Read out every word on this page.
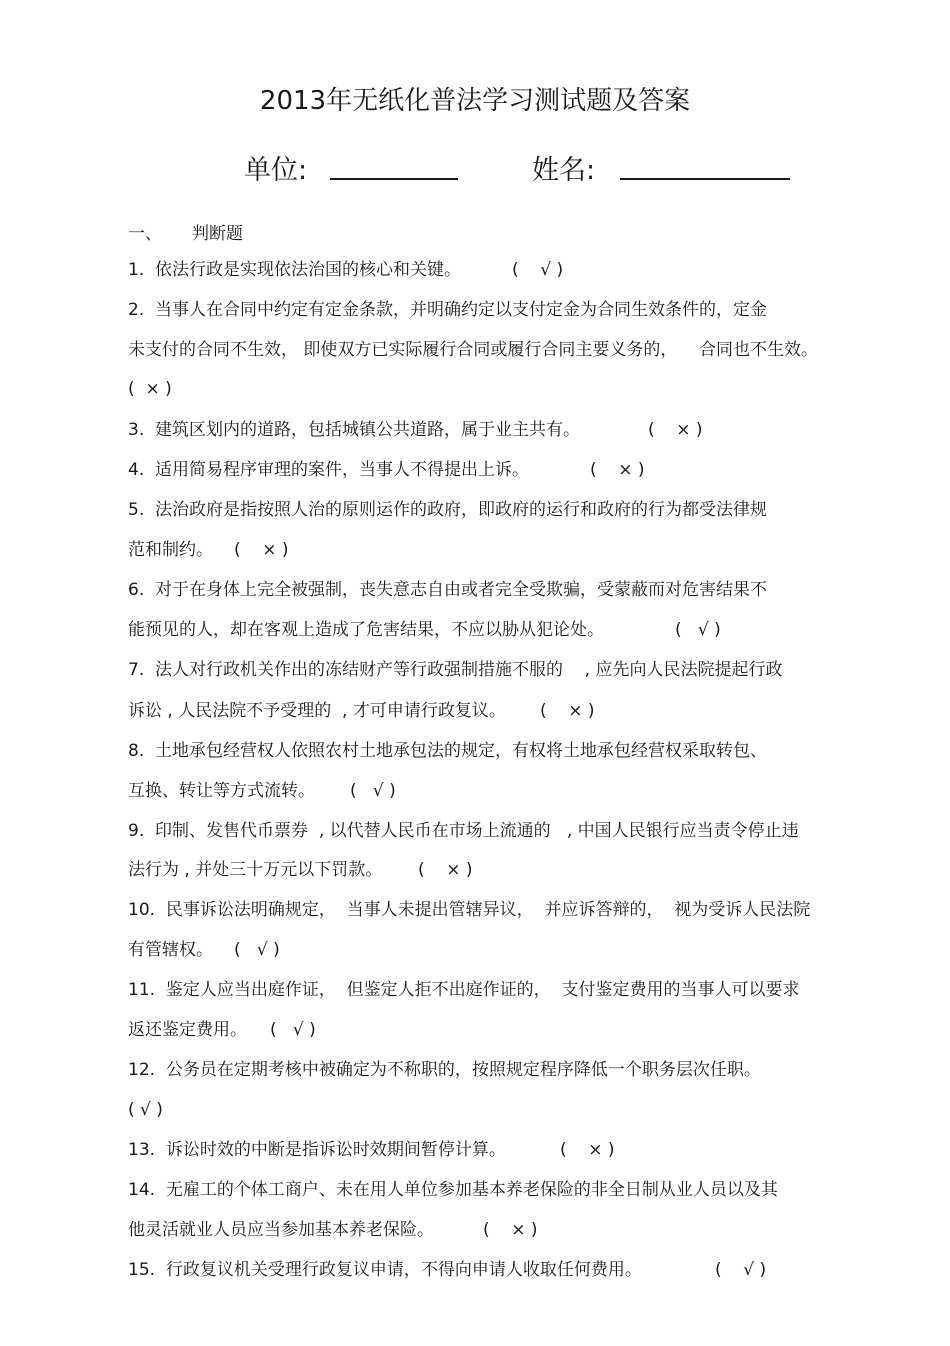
2013年无纸化普法学习测试题及答案
单位:	姓名:
一、 判断题
1.  依法行政是实现依法治国的核心和关键。	(    √ )
2.  当事人在合同中约定有定金条款，并明确约定以支付定金为合同生效条件的，定金
未支付的合同不生效， 即使双方已实际履行合同或履行合同主要义务的，    合同也不生效。
(  × )
3.  建筑区划内的道路，包括城镇公共道路，属于业主共有。	(    × )
4.  适用简易程序审理的案件，当事人不得提出上诉。	(    × )
5.  法治政府是指按照人治的原则运作的政府，即政府的运行和政府的行为都受法律规
范和制约。 (    × )
6.  对于在身体上完全被强制，丧失意志自由或者完全受欺骗，受蒙蔽而对危害结果不
能预见的人，却在客观上造成了危害结果，不应以胁从犯论处。	(   √ )
7.  法人对行政机关作出的冻结财产等行政强制措施不服的    , 应先向人民法院提起行政
诉讼 , 人民法院不予受理的  , 才可申请行政复议。 (    × )
8.  土地承包经营权人依照农村土地承包法的规定，有权将土地承包经营权采取转包、
互换、转让等方式流转。 (   √ )
9.  印制、发售代币票券  , 以代替人民币在市场上流通的   , 中国人民银行应当责令停止违
法行为 , 并处三十万元以下罚款。 (    × )
10.  民事诉讼法明确规定，  当事人未提出管辖异议，  并应诉答辩的，  视为受诉人民法院
有管辖权。 (   √ )
11.  鉴定人应当出庭作证，  但鉴定人拒不出庭作证的，  支付鉴定费用的当事人可以要求
返还鉴定费用。 (   √ )
12.  公务员在定期考核中被确定为不称职的，按照规定程序降低一个职务层次任职。
( √ )
13.  诉讼时效的中断是指诉讼时效期间暂停计算。	(    × )
14.  无雇工的个体工商户、未在用人单位参加基本养老保险的非全日制从业人员以及其
他灵活就业人员应当参加基本养老保险。	(    × )
15.  行政复议机关受理行政复议申请，不得向申请人收取任何费用。	(    √ )
